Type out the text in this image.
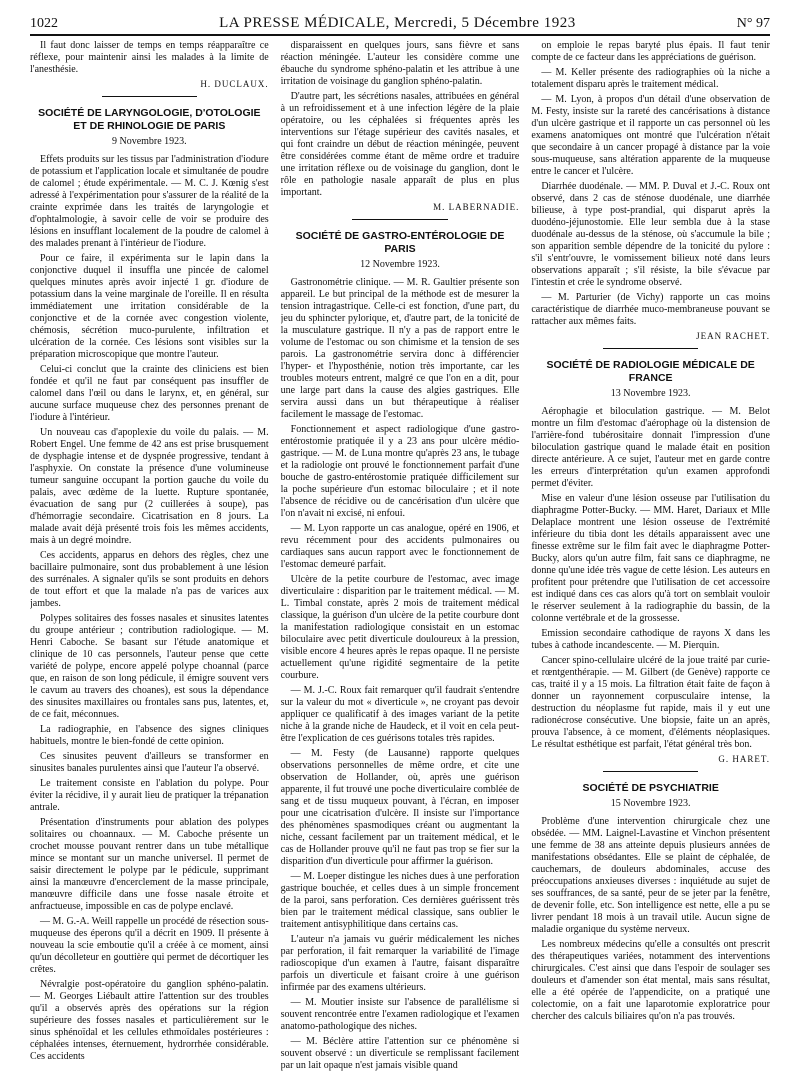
1022	LA PRESSE MÉDICALE, Mercredi, 5 Décembre 1923	N° 97

Il faut donc laisser de temps en temps réapparaître ce réflexe, pour maintenir ainsi les malades à la limite de l'anesthésie.

H. DUCLAUX.
SOCIÉTÉ DE LARYNGOLOGIE, D'OTOLOGIE ET DE RHINOLOGIE DE PARIS
9 Novembre 1923.

Effets produits sur les tissus par l'administration d'iodure de potassium et l'application locale et simultanée de poudre de calomel ; étude expérimentale. — M. C. J. Kœnig s'est adressé à l'expérimentation pour s'assurer de la réalité de la crainte exprimée dans les traités de laryngologie et d'ophtalmologie, à savoir celle de voir se produire des lésions en insufflant localement de la poudre de calomel à des malades prenant à l'intérieur de l'iodure.

Pour ce faire, il expérimenta sur le lapin dans la conjonctive duquel il insuffla une pincée de calomel quelques minutes après avoir injecté 1 gr. d'iodure de potassium dans la veine marginale de l'oreille. Il en résulta immédiatement une irritation considérable de la conjonctive et de la cornée avec congestion violente, chémosis, sécrétion muco-purulente, infiltration et ulcération de la cornée. Ces lésions sont visibles sur la préparation microscopique que montre l'auteur.

Celui-ci conclut que la crainte des cliniciens est bien fondée et qu'il ne faut par conséquent pas insuffler de calomel dans l'œil ou dans le larynx, et, en général, sur aucune surface muqueuse chez des personnes prenant de l'iodure à l'intérieur.

Un nouveau cas d'apoplexie du voile du palais. — M. Robert Engel. Une femme de 42 ans est prise brusquement de dysphagie intense et de dyspnée progressive, tendant à l'asphyxie. On constate la présence d'une volumineuse tumeur sanguine occupant la portion gauche du voile du palais, avec œdème de la luette. Rupture spontanée, évacuation de sang pur (2 cuillerées à soupe), pas d'hémorragie secondaire. Cicatrisation en 8 jours. La malade avait déjà présenté trois fois les mêmes accidents, mais à un degré moindre.

Ces accidents, apparus en dehors des règles, chez une bacillaire pulmonaire, sont dus probablement à une lésion des surrénales. A signaler qu'ils se sont produits en dehors de tout effort et que la malade n'a pas de varices aux jambes.

Polypes solitaires des fosses nasales et sinusites latentes du groupe antérieur ; contribution radiologique. — M. Henri Caboche. Se basant sur l'étude anatomique et clinique de 10 cas personnels, l'auteur pense que cette variété de polype, encore appelé polype choannal (parce que, en raison de son long pédicule, il émigre souvent vers le cavum au travers des choanes), est sous la dépendance des sinusites maxillaires ou frontales sans pus, latentes, et, de ce fait, méconnues.

La radiographie, en l'absence des signes cliniques habituels, montre le bien-fondé de cette opinion.

Ces sinusites peuvent d'ailleurs se transformer en sinusites banales purulentes ainsi que l'auteur l'a observé.

Le traitement consiste en l'ablation du polype. Pour éviter la récidive, il y aurait lieu de pratiquer la trépanation antrale.

Présentation d'instruments pour ablation des polypes solitaires ou choannaux. — M. Caboche présente un crochet mousse pouvant rentrer dans un tube métallique mince se montant sur un manche universel. Il permet de saisir directement le polype par le pédicule, supprimant ainsi la manœuvre d'encerclement de la masse principale, manœuvre difficile dans une fosse nasale étroite et anfractueuse, impossible en cas de polype enclavé.

— M. G.-A. Weill rappelle un procédé de résection sous-muqueuse des éperons qu'il a décrit en 1909. Il présente à nouveau la scie emboutie qu'il a créée à ce moment, ainsi qu'un décolleteur en gouttière qui permet de décortiquer les crêtes.

Névralgie post-opératoire du ganglion sphéno-palatin. — M. Georges Liébault attire l'attention sur des troubles qu'il a observés après des opérations sur la région supérieure des fosses nasales et particulièrement sur le sinus sphénoïdal et les cellules ethmoïdales postérieures : céphalées intenses, éternuement, hydrorrhée considérable. Ces accidents

disparaissent en quelques jours, sans fièvre et sans réaction méningée. L'auteur les considère comme une ébauche du syndrome sphéno-palatin et les attribue à une irritation de voisinage du ganglion sphéno-palatin.

D'autre part, les sécrétions nasales, attribuées en général à un refroidissement et à une infection légère de la plaie opératoire, ou les céphalées si fréquentes après les interventions sur l'étage supérieur des cavités nasales, et qui font craindre un début de réaction méningée, peuvent être considérées comme étant de même ordre et traduire une irritation réflexe ou de voisinage du ganglion, dont le rôle en pathologie nasale apparaît de plus en plus important.

M. LABERNADIE.
SOCIÉTÉ DE GASTRO-ENTÉROLOGIE DE PARIS
12 Novembre 1923.

Gastronométrie clinique. — M. R. Gaultier présente son appareil. Le but principal de la méthode est de mesurer la tension intragastrique. Celle-ci est fonction, d'une part, du jeu du sphincter pylorique, et, d'autre part, de la tonicité de la musculature gastrique. Il n'y a pas de rapport entre le volume de l'estomac ou son chimisme et la tension de ses parois. La gastronométrie servira donc à différencier l'hyper- et l'hyposthénie, notion très importante, car les troubles moteurs entrent, malgré ce que l'on en a dit, pour une large part dans la cause des algies gastriques. Elle servira aussi dans un but thérapeutique à réaliser facilement le massage de l'estomac.

Fonctionnement et aspect radiologique d'une gastro-entérostomie pratiquée il y a 23 ans pour ulcère médio-gastrique. — M. de Luna montre qu'après 23 ans, le tubage et la radiologie ont prouvé le fonctionnement parfait d'une bouche de gastro-entérostomie pratiquée difficilement sur la poche supérieure d'un estomac biloculaire ; et il note l'absence de récidive ou de cancérisation d'un ulcère que l'on n'avait ni excisé, ni enfoui.

— M. Lyon rapporte un cas analogue, opéré en 1906, et revu récemment pour des accidents pulmonaires ou cardiaques sans aucun rapport avec le fonctionnement de l'estomac demeuré parfait.

Ulcère de la petite courbure de l'estomac, avec image diverticulaire : disparition par le traitement médical. — M. L. Timbal constate, après 2 mois de traitement médical classique, la guérison d'un ulcère de la petite courbure dont la manifestation radiologique consistait en un estomac biloculaire avec petit diverticule douloureux à la pression, visible encore 4 heures après le repas opaque. Il ne persiste actuellement qu'une rigidité segmentaire de la petite courbure.

— M. J.-C. Roux fait remarquer qu'il faudrait s'entendre sur la valeur du mot « diverticule », ne croyant pas devoir appliquer ce qualificatif à des images variant de la petite niche à la grande niche de Haudeck, et il voit en cela peut-être l'explication de ces guérisons totales très rapides.

— M. Festy (de Lausanne) rapporte quelques observations personnelles de même ordre, et cite une observation de Hollander, où, après une guérison apparente, il fut trouvé une poche diverticulaire comblée de sang et de tissu muqueux pouvant, à l'écran, en imposer pour une cicatrisation d'ulcère. Il insiste sur l'importance des phénomènes spasmodiques créant ou augmentant la niche, cessant facilement par un traitement médical, et le cas de Hollander prouve qu'il ne faut pas trop se fier sur la disparition d'un diverticule pour affirmer la guérison.

— M. Loeper distingue les niches dues à une perforation gastrique bouchée, et celles dues à un simple froncement de la paroi, sans perforation. Ces dernières guérissent très bien par le traitement médical classique, sans oublier le traitement antisyphilitique dans certains cas.

L'auteur n'a jamais vu guérir médicalement les niches par perforation, il fait remarquer la variabilité de l'image radioscopique d'un examen à l'autre, faisant disparaître parfois un diverticule et faisant croire à une guérison infirmée par des examens ultérieurs.

— M. Moutier insiste sur l'absence de parallélisme si souvent rencontrée entre l'examen radiologique et l'examen anatomo-pathologique des niches.

— M. Béclère attire l'attention sur ce phénomène si souvent observé : un diverticule se remplissant facilement par un lait opaque n'est jamais visible quand

on emploie le repas baryté plus épais. Il faut tenir compte de ce facteur dans les appréciations de guérison.

— M. Keller présente des radiographies où la niche a totalement disparu après le traitement médical.

— M. Lyon, à propos d'un détail d'une observation de M. Festy, insiste sur la rareté des cancérisations à distance d'un ulcère gastrique et il rapporte un cas personnel où les examens anatomiques ont montré que l'ulcération n'était que secondaire à un cancer propagé à distance par la voie sous-muqueuse, sans altération apparente de la muqueuse entre le cancer et l'ulcère.

Diarrhée duodénale. — MM. P. Duval et J.-C. Roux ont observé, dans 2 cas de sténose duodénale, une diarrhée bilieuse, à type post-prandial, qui disparut après la duodéno-jéjunostomie. Elle leur sembla due à la stase duodénale au-dessus de la sténose, où s'accumule la bile ; son apparition semble dépendre de la tonicité du pylore : s'il s'entr'ouvre, le vomissement bilieux noté dans leurs observations apparaît ; s'il résiste, la bile s'évacue par l'intestin et crée le syndrome observé.

— M. Parturier (de Vichy) rapporte un cas moins caractéristique de diarrhée muco-membraneuse pouvant se rattacher aux mêmes faits.

JEAN RACHET.
SOCIÉTÉ DE RADIOLOGIE MÉDICALE DE FRANCE
13 Novembre 1923.

Aérophagie et biloculation gastrique. — M. Belot montre un film d'estomac d'aérophage où la distension de l'arrière-fond tubérositaire donnait l'impression d'une biloculation gastrique quand le malade était en position directe antérieure. A ce sujet, l'auteur met en garde contre les erreurs d'interprétation qu'un examen approfondi permet d'éviter.

Mise en valeur d'une lésion osseuse par l'utilisation du diaphragme Potter-Bucky. — MM. Haret, Dariaux et Mlle Delaplace montrent une lésion osseuse de l'extrémité inférieure du tibia dont les détails apparaissent avec une finesse extrême sur le film fait avec le diaphragme Potter-Bucky, alors qu'un autre film, fait sans ce diaphragme, ne donne qu'une idée très vague de cette lésion. Les auteurs en profitent pour prétendre que l'utilisation de cet accessoire est indiqué dans ces cas alors qu'à tort on semblait vouloir le réserver seulement à la radiographie du bassin, de la colonne vertébrale et de la grossesse.

Emission secondaire cathodique de rayons X dans les tubes à cathode incandescente. — M. Pierquin.

Cancer spino-cellulaire ulcéré de la joue traité par curie- et rœntgenthérapie. — M. Gilbert (de Genève) rapporte ce cas, traité il y a 15 mois. La filtration était faite de façon à donner un rayonnement corpusculaire intense, la destruction du néoplasme fut rapide, mais il y eut une radionécrose consécutive. Une biopsie, faite un an après, prouva l'absence, à ce moment, d'éléments néoplasiques. Le résultat esthétique est parfait, l'état général très bon.

G. HARET.
SOCIÉTÉ DE PSYCHIATRIE
15 Novembre 1923.

Problème d'une intervention chirurgicale chez une obsédée. — MM. Laignel-Lavastine et Vinchon présentent une femme de 38 ans atteinte depuis plusieurs années de manifestations obsédantes. Elle se plaint de céphalée, de cauchemars, de douleurs abdominales, accuse des préoccupations anxieuses diverses : inquiétude au sujet de ses souffrances, de sa santé, peur de se jeter par la fenêtre, de devenir folle, etc. Son intelligence est nette, elle a pu se livrer pendant 18 mois à un travail utile. Aucun signe de maladie organique du système nerveux.

Les nombreux médecins qu'elle a consultés ont prescrit des thérapeutiques variées, notamment des interventions chirurgicales. C'est ainsi que dans l'espoir de soulager ses douleurs et d'amender son état mental, mais sans résultat, elle a été opérée de l'appendicite, on a pratiqué une colectomie, on a fait une laparotomie exploratrice pour chercher des calculs biliaires qu'on n'a pas trouvés.
